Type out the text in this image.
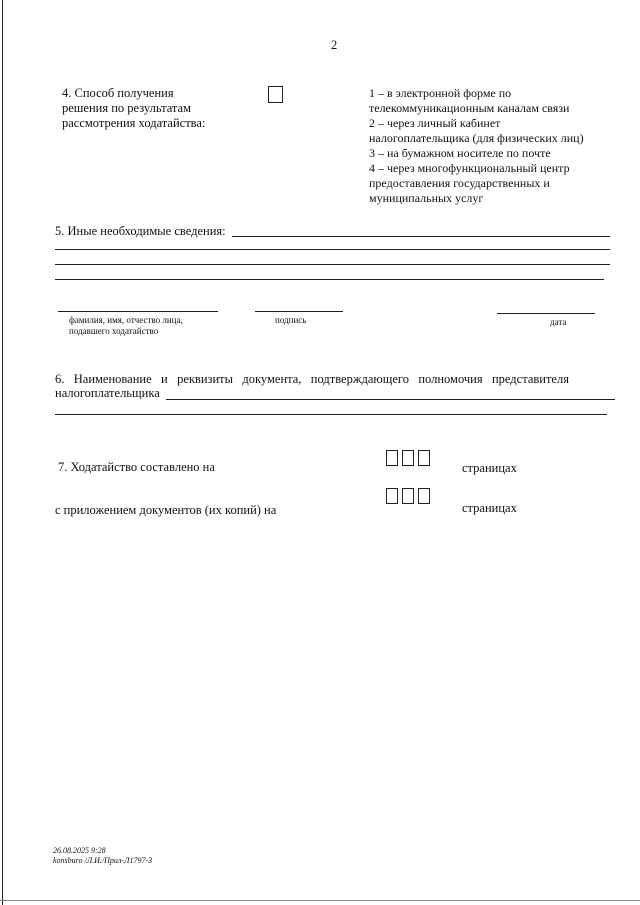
2
4. Способ получения
решения по результатам
рассмотрения ходатайства:
1 – в электронной форме по
телекоммуникационным каналам связи
2 – через личный кабинет
налогоплательщика (для физических лиц)
3 – на бумажном носителе по почте
4 – через многофункциональный центр
предоставления государственных и
муниципальных услуг
5. Иные необходимые сведения:
фамилия, имя, отчество лица,
подавшего ходатайство
подпись	дата
6.   Наименование   и   реквизиты   документа,   подтверждающего   полномочия   представителя
налогоплательщика
7. Ходатайство составлено на	страницах
с приложением документов (их копий) на	страницах
26.08.2025 9:28
konsburo /Л.И./Прил-Л1797-3
